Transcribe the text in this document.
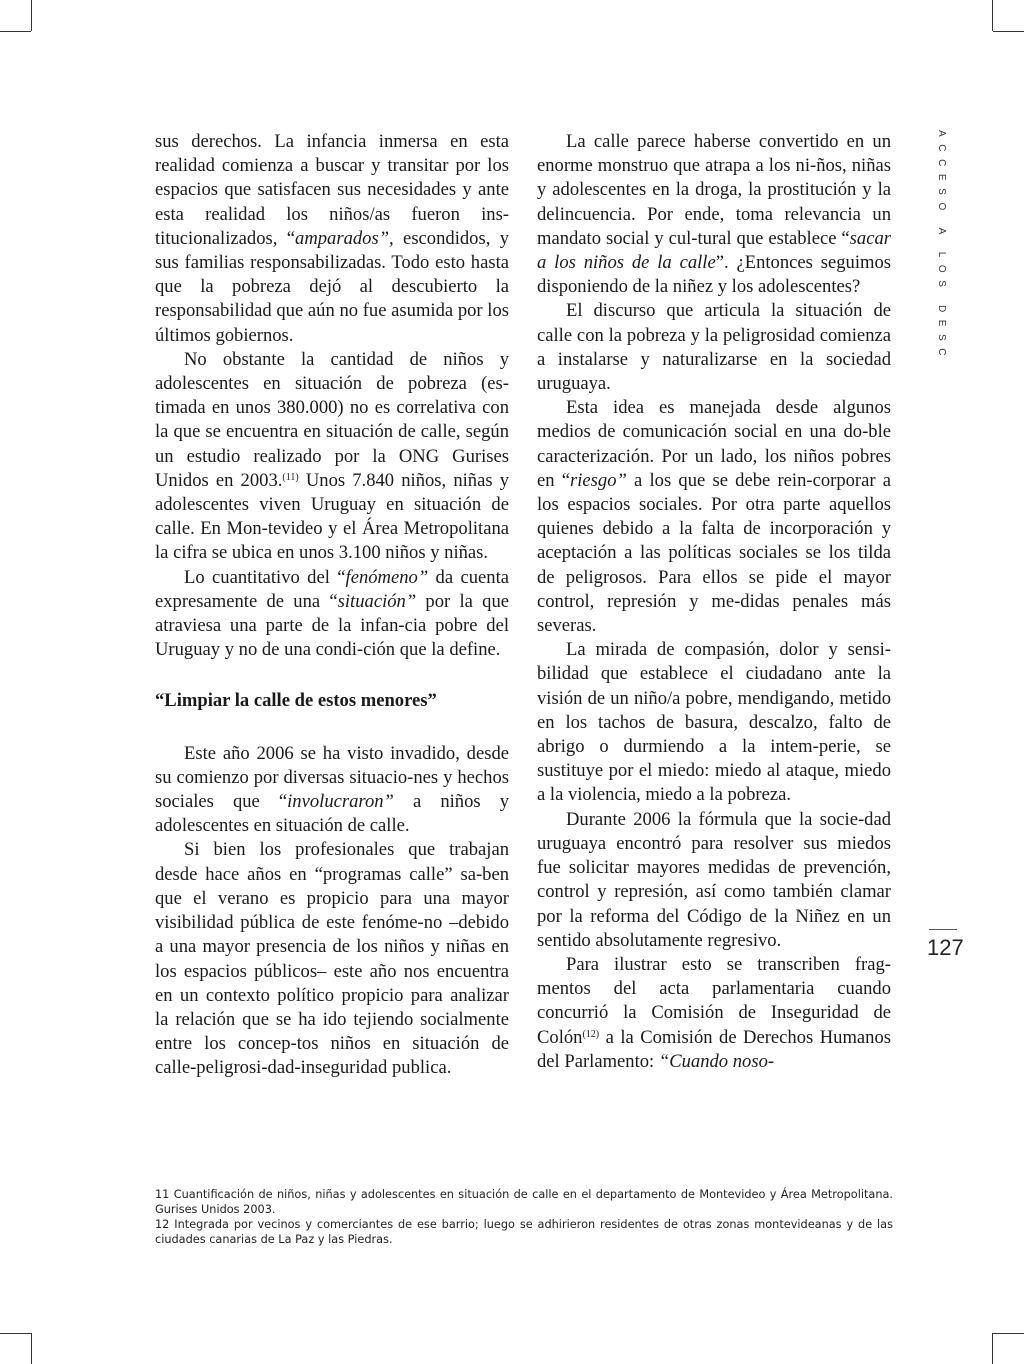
sus derechos. La infancia inmersa en esta realidad comienza a buscar y transitar por los espacios que satisfacen sus necesidades y ante esta realidad los niños/as fueron ins-titucionalizados, “amparados”, escondidos, y sus familias responsabilizadas. Todo esto hasta que la pobreza dejó al descubierto la responsabilidad que aún no fue asumida por los últimos gobiernos.

No obstante la cantidad de niños y adolescentes en situación de pobreza (es-timada en unos 380.000) no es correlativa con la que se encuentra en situación de calle, según un estudio realizado por la ONG Gurises Unidos en 2003.$^{(11)}$ Unos 7.840 niños, niñas y adolescentes viven Uruguay en situación de calle. En Mon-tevideo y el Área Metropolitana la cifra se ubica en unos 3.100 niños y niñas.

Lo cuantitativo del “fenómeno” da cuenta expresamente de una “situación” por la que atraviesa una parte de la infan-cia pobre del Uruguay y no de una condi-ción que la define.

“Limpiar la calle de estos menores”

Este año 2006 se ha visto invadido, desde su comienzo por diversas situacio-nes y hechos sociales que “involucraron” a niños y adolescentes en situación de calle.

Si bien los profesionales que trabajan desde hace años en “programas calle” sa-ben que el verano es propicio para una mayor visibilidad pública de este fenóme-no –debido a una mayor presencia de los niños y niñas en los espacios públicos– este año nos encuentra en un contexto político propicio para analizar la relación que se ha ido tejiendo socialmente entre los concep-tos niños en situación de calle-peligrosi-dad-inseguridad publica.

La calle parece haberse convertido en un enorme monstruo que atrapa a los ni-ños, niñas y adolescentes en la droga, la prostitución y la delincuencia. Por ende, toma relevancia un mandato social y cul-tural que establece “sacar a los niños de la calle”. ¿Entonces seguimos disponiendo de la niñez y los adolescentes?

El discurso que articula la situación de calle con la pobreza y la peligrosidad comienza a instalarse y naturalizarse en la sociedad uruguaya.

Esta idea es manejada desde algunos medios de comunicación social en una do-ble caracterización. Por un lado, los niños pobres en “riesgo” a los que se debe rein-corporar a los espacios sociales. Por otra parte aquellos quienes debido a la falta de incorporación y aceptación a las políticas sociales se los tilda de peligrosos. Para ellos se pide el mayor control, represión y me-didas penales más severas.

La mirada de compasión, dolor y sensi-bilidad que establece el ciudadano ante la visión de un niño/a pobre, mendigando, metido en los tachos de basura, descalzo, falto de abrigo o durmiendo a la intem-perie, se sustituye por el miedo: miedo al ataque, miedo a la violencia, miedo a la pobreza.

Durante 2006 la fórmula que la socie-dad uruguaya encontró para resolver sus miedos fue solicitar mayores medidas de prevención, control y represión, así como también clamar por la reforma del Código de la Niñez en un sentido absolutamente regresivo.

Para ilustrar esto se transcriben frag-mentos del acta parlamentaria cuando concurrió la Comisión de Inseguridad de Colón$^{(12)}$ a la Comisión de Derechos Humanos del Parlamento: “Cuando noso-

ACCESO A LOS DESC
127

11 Cuantificación de niños, niñas y adolescentes en situación de calle en el departamento de Montevideo y Área Metropolitana. Gurises Unidos 2003.

12 Integrada por vecinos y comerciantes de ese barrio; luego se adhirieron residentes de otras zonas montevideanas y de las ciudades canarias de La Paz y las Piedras.
